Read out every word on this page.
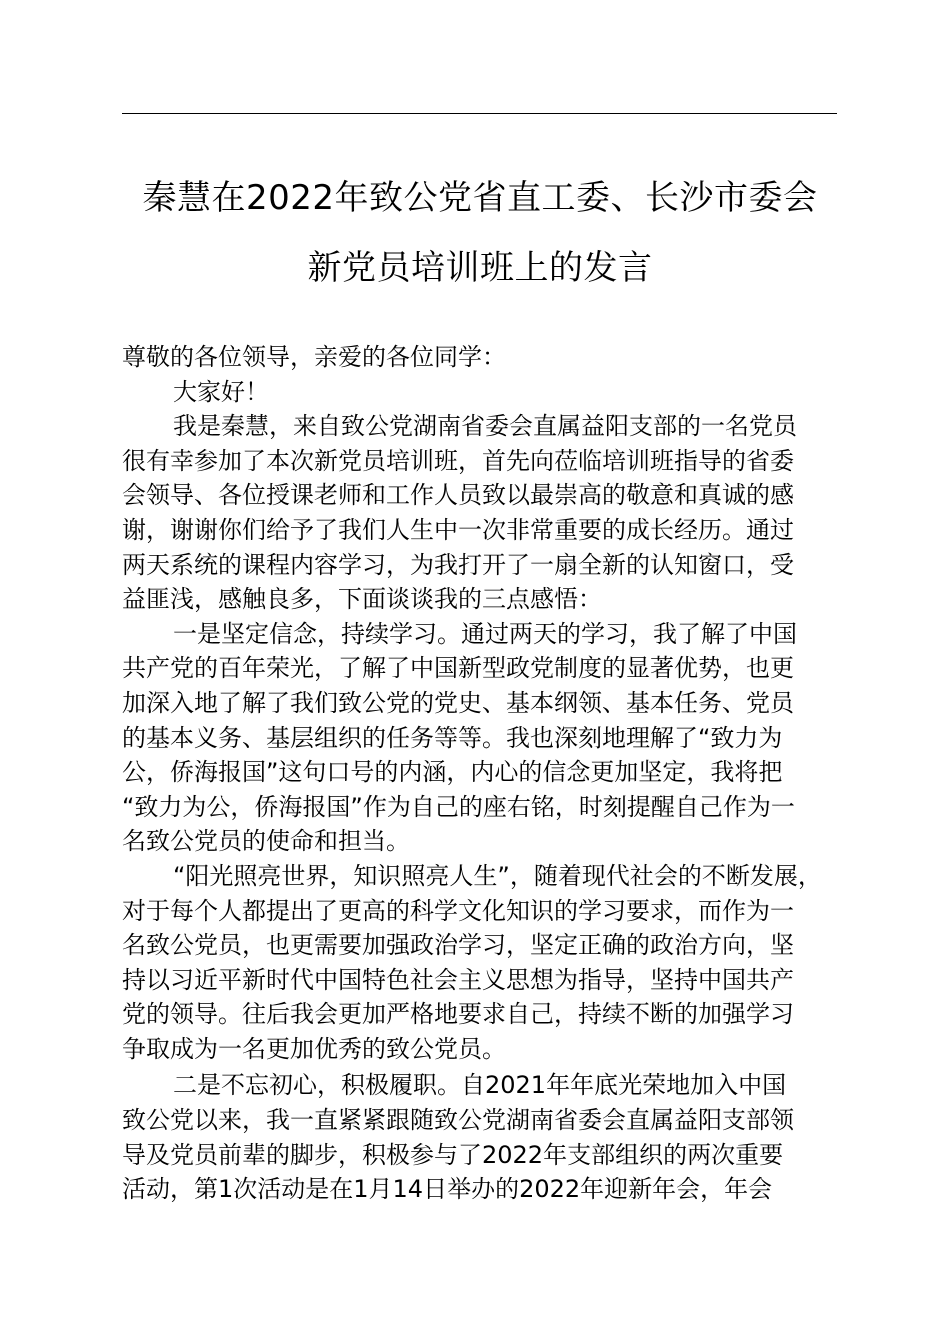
秦慧在2022年致公党省直工委、长沙市委会
新党员培训班上的发言
尊敬的各位领导，亲爱的各位同学：
大家好！
我是秦慧，来自致公党湖南省委会直属益阳支部的一名党员
很有幸参加了本次新党员培训班，首先向莅临培训班指导的省委
会领导、各位授课老师和工作人员致以最崇高的敬意和真诚的感
谢，谢谢你们给予了我们人生中一次非常重要的成长经历。通过
两天系统的课程内容学习，为我打开了一扇全新的认知窗口，受
益匪浅，感触良多，下面谈谈我的三点感悟：
一是坚定信念，持续学习。通过两天的学习，我了解了中国
共产党的百年荣光，了解了中国新型政党制度的显著优势，也更
加深入地了解了我们致公党的党史、基本纲领、基本任务、党员
的基本义务、基层组织的任务等等。我也深刻地理解了“致力为
公，侨海报国”这句口号的内涵，内心的信念更加坚定，我将把
“致力为公，侨海报国”作为自己的座右铭，时刻提醒自己作为一
名致公党员的使命和担当。
“阳光照亮世界，知识照亮人生”，随着现代社会的不断发展，
对于每个人都提出了更高的科学文化知识的学习要求，而作为一
名致公党员，也更需要加强政治学习，坚定正确的政治方向，坚
持以习近平新时代中国特色社会主义思想为指导，坚持中国共产
党的领导。往后我会更加严格地要求自己，持续不断的加强学习
争取成为一名更加优秀的致公党员。
二是不忘初心，积极履职。自2021年年底光荣地加入中国
致公党以来，我一直紧紧跟随致公党湖南省委会直属益阳支部领
导及党员前辈的脚步，积极参与了2022年支部组织的两次重要
活动，第1次活动是在1月14日举办的2022年迎新年会，年会
